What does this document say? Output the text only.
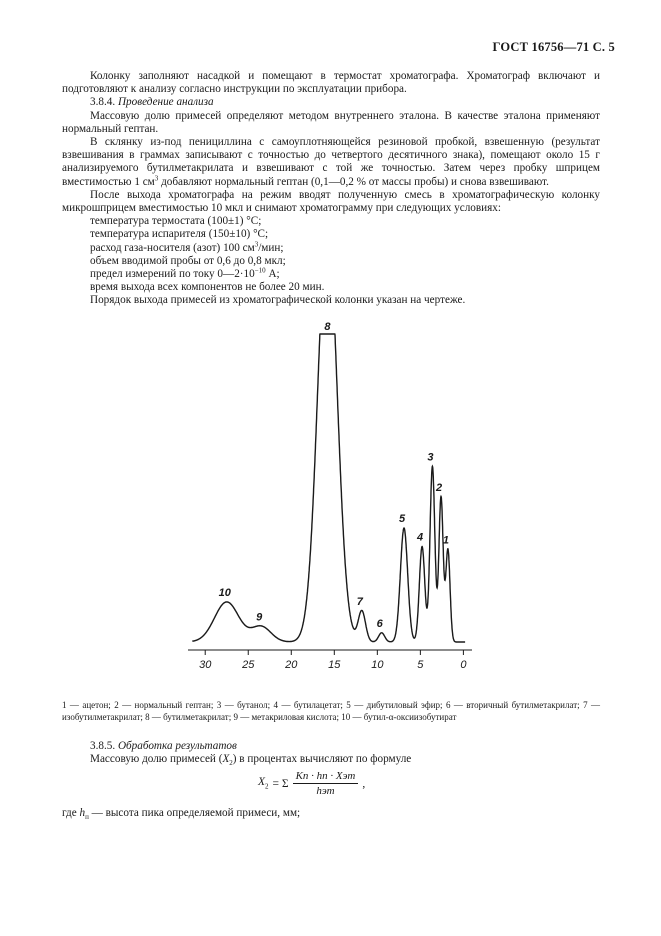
ГОСТ 16756—71 С. 5

Колонку заполняют насадкой и помещают в термостат хроматографа. Хроматограф включают и подготовляют к анализу согласно инструкции по эксплуатации прибора.

3.8.4. Проведение анализа

Массовую долю примесей определяют методом внутреннего эталона. В качестве эталона применяют нормальный гептан.

В склянку из-под пенициллина с самоуплотняющейся резиновой пробкой, взвешенную (результат взвешивания в граммах записывают с точностью до четвертого десятичного знака), помещают около 15 г анализируемого бутилметакрилата и взвешивают с той же точностью. Затем через пробку шприцем вместимостью 1 $см^3$ добавляют нормальный гептан (0,1—0,2 % от массы пробы) и снова взвешивают.

После выхода хроматографа на режим вводят полученную смесь в хроматографическую колонку микрошприцем вместимостью 10 мкл и снимают хроматограмму при следующих условиях:

температура термостата (100±1) °С;

температура испарителя (150±10) °С;

расход газа-носителя (азот) 100 $см^3$/мин;

объем вводимой пробы от 0,6 до 0,8 мкл;

предел измерений по току $0—2\cdot 10^{-10}$ А;

время выхода всех компонентов не более 20 мин.

Порядок выхода примесей из хроматографической колонки указан на чертеже.

30	25	20	15	10	5	0
1
2
3
4
5
6
7
8
9
10
1 — ацетон; 2 — нормальный гептан; 3 — бутанол; 4 — бутилацетат; 5 — дибутиловый эфир; 6 — вторичный бутилметакрилат; 7 — изобутилметакрилат; 8 — бутилметакрилат; 9 — метакриловая кислота; 10 — бутил-α-оксиизобутират

3.8.5. Обработка результатов

Массовую долю примесей $(X_2)$ в процентах вычисляют по формуле

$X_2 = \Sigma \frac{\text{Kп · hп · Xэт}}{\text{hэт}}$ ,
где $h_п$ — высота пика определяемой примеси, мм;
